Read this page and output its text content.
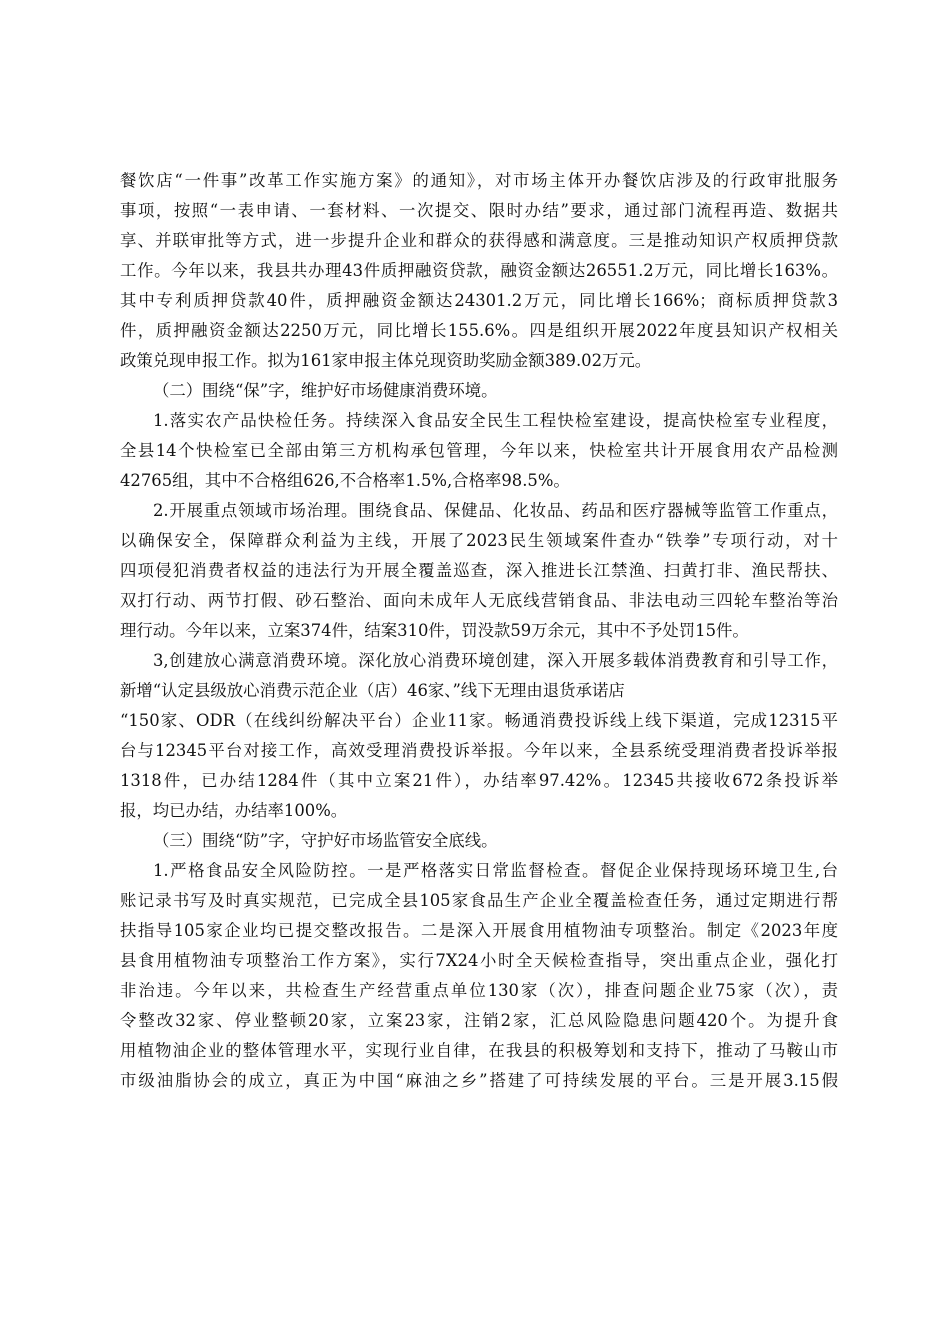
餐饮店“一件事”改革工作实施方案》的通知》，对市场主体开办餐饮店涉及的行政审批服务
事项，按照“一表申请、一套材料、一次提交、限时办结”要求，通过部门流程再造、数据共
享、并联审批等方式，进一步提升企业和群众的获得感和满意度。三是推动知识产权质押贷款
工作。今年以来，我县共办理43件质押融资贷款，融资金额达26551.2万元，同比增长163%。
其中专利质押贷款40件，质押融资金额达24301.2万元，同比增长166%；商标质押贷款3
件，质押融资金额达2250万元，同比增长155.6%。四是组织开展2022年度县知识产权相关
政策兑现申报工作。拟为161家申报主体兑现资助奖励金额389.02万元。
（二）围绕“保”字，维护好市场健康消费环境。
1.落实农产品快检任务。持续深入食品安全民生工程快检室建设，提高快检室专业程度，
全县14个快检室已全部由第三方机构承包管理，今年以来，快检室共计开展食用农产品检测
42765组，其中不合格组626,不合格率1.5%,合格率98.5%。
2.开展重点领域市场治理。围绕食品、保健品、化妆品、药品和医疗器械等监管工作重点，
以确保安全，保障群众利益为主线，开展了2023民生领域案件查办“铁拳”专项行动，对十
四项侵犯消费者权益的违法行为开展全覆盖巡查，深入推进长江禁渔、扫黄打非、渔民帮扶、
双打行动、两节打假、砂石整治、面向未成年人无底线营销食品、非法电动三四轮车整治等治
理行动。今年以来，立案374件，结案310件，罚没款59万余元，其中不予处罚15件。
3,创建放心满意消费环境。深化放心消费环境创建，深入开展多载体消费教育和引导工作，
新增“认定县级放心消费示范企业（店）46家、”线下无理由退货承诺店
“150家、ODR（在线纠纷解决平台）企业11家。畅通消费投诉线上线下渠道，完成12315平
台与12345平台对接工作，高效受理消费投诉举报。今年以来，全县系统受理消费者投诉举报
1318件，已办结1284件（其中立案21件），办结率97.42%。12345共接收672条投诉举
报，均已办结，办结率100%。
（三）围绕“防”字，守护好市场监管安全底线。
1.严格食品安全风险防控。一是严格落实日常监督检查。督促企业保持现场环境卫生,台
账记录书写及时真实规范，已完成全县105家食品生产企业全覆盖检查任务，通过定期进行帮
扶指导105家企业均已提交整改报告。二是深入开展食用植物油专项整治。制定《2023年度
县食用植物油专项整治工作方案》，实行7X24小时全天候检查指导，突出重点企业，强化打
非治违。今年以来，共检查生产经营重点单位130家（次），排查问题企业75家（次），责
令整改32家、停业整顿20家，立案23家，注销2家，汇总风险隐患问题420个。为提升食
用植物油企业的整体管理水平，实现行业自律，在我县的积极筹划和支持下，推动了马鞍山市
市级油脂协会的成立，真正为中国“麻油之乡”搭建了可持续发展的平台。三是开展3.15假
